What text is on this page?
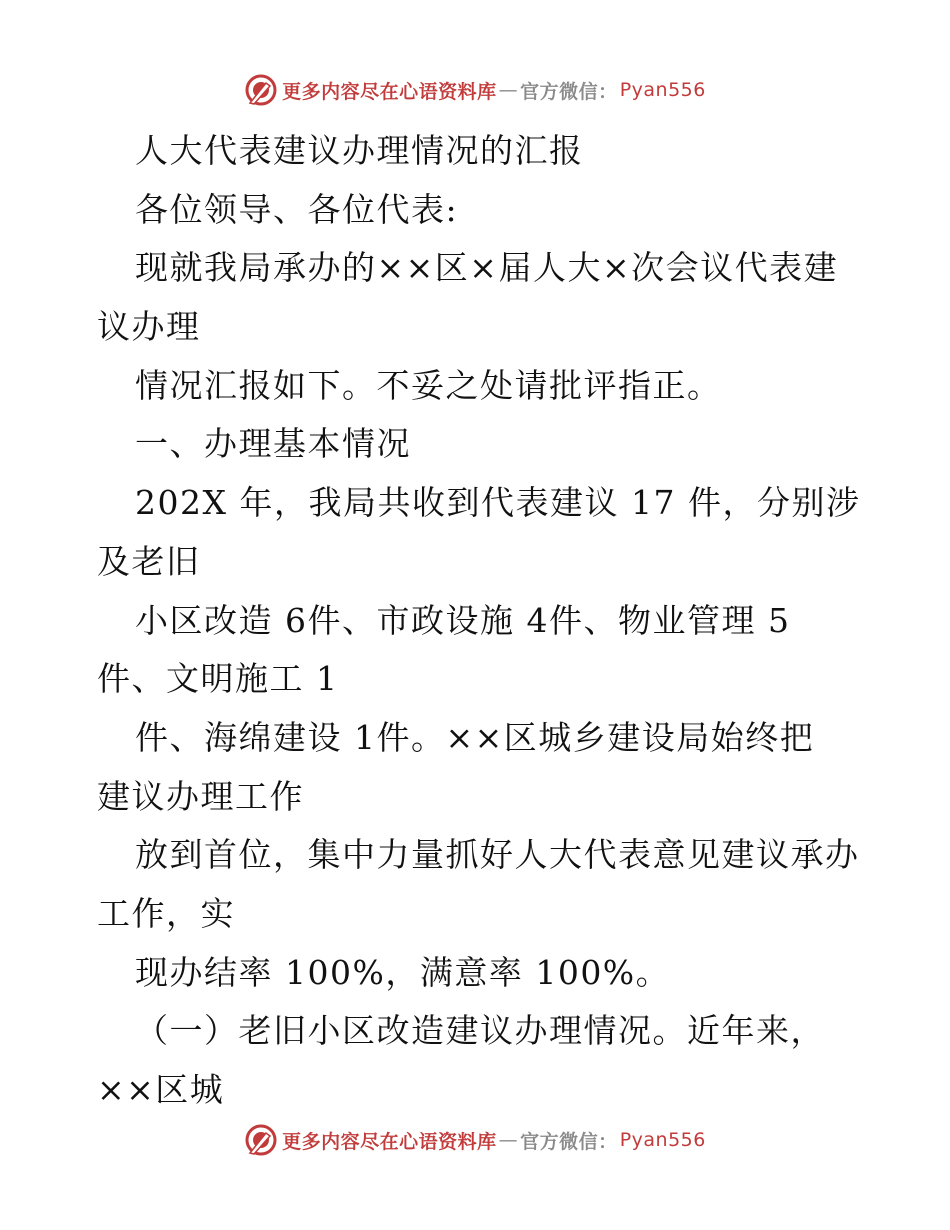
更多内容尽在心语资料库 — 官方微信： Pyan556
人大代表建议办理情况的汇报
各位领导、各位代表:
现就我局承办的××区×届人大×次会议代表建
议办理
情况汇报如下。不妥之处请批评指正。
一、办理基本情况
202X 年，我局共收到代表建议 17 件，分别涉
及老旧
小区改造 6件、市政设施 4件、物业管理 5
件、文明施工 1
件、海绵建设 1件。××区城乡建设局始终把
建议办理工作
放到首位，集中力量抓好人大代表意见建议承办
工作，实
现办结率 100%，满意率 100%。
（一）老旧小区改造建议办理情况。近年来，
××区城
更多内容尽在心语资料库 — 官方微信： Pyan556
